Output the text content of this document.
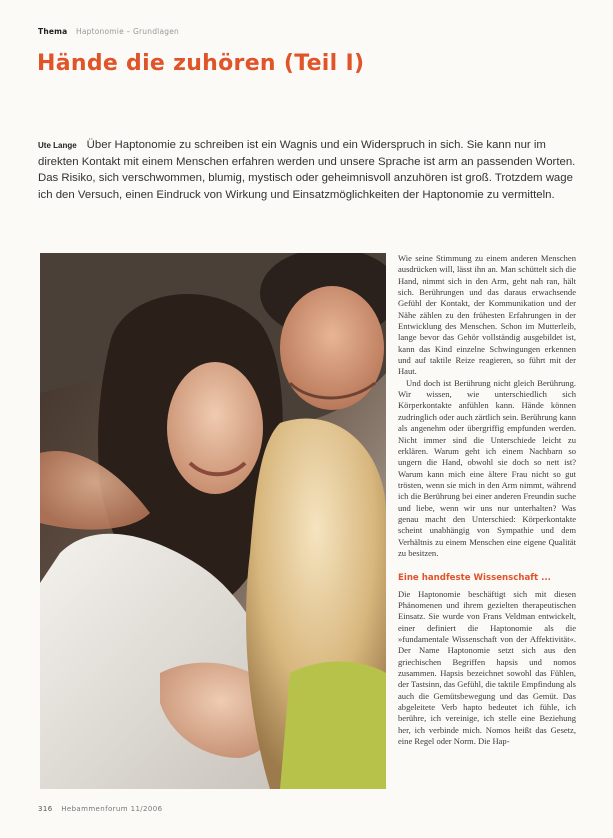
Thema Haptonomie – Grundlagen
Hände die zuhören (Teil I)

Ute Lange Über Haptonomie zu schreiben ist ein Wagnis und ein Widerspruch in sich. Sie kann nur im direkten Kontakt mit einem Menschen erfahren werden und unsere Sprache ist arm an passenden Worten. Das Risiko, sich verschwommen, blumig, mystisch oder geheimnisvoll anzuhören ist groß. Trotzdem wage ich den Versuch, einen Eindruck von Wirkung und Einsatzmöglichkeiten der Haptonomie zu vermitteln.

Wie seine Stimmung zu einem anderen Menschen ausdrücken will, lässt ihn an. Man schüttelt sich die Hand, nimmt sich in den Arm, geht nah ran, hält sich. Berührungen und das daraus erwachsende Gefühl der Kontakt, der Kommunikation und der Nähe zählen zu den frühesten Erfahrungen in der Entwicklung des Menschen. Schon im Mutterleib, lange bevor das Gehör vollständig ausgebildet ist, kann das Kind einzelne Schwingungen erkennen und auf taktile Reize reagieren, so führt mit der Haut.

Und doch ist Berührung nicht gleich Berührung. Wir wissen, wie unterschiedlich sich Körperkontakte anfühlen kann. Hände können zudringlich oder auch zärtlich sein. Berührung kann als angenehm oder übergriffig empfunden werden. Nicht immer sind die Unterschiede leicht zu erklären. Warum geht ich einem Nachbarn so ungern die Hand, obwohl sie doch so nett ist? Warum kann mich eine ältere Frau nicht so gut trösten, wenn sie mich in den Arm nimmt, während ich die Berührung bei einer anderen Freundin suche und liebe, wenn wir uns nur unterhalten? Was genau macht den Unterschied: Körperkontakte scheint unabhängig von Sympathie und dem Verhältnis zu einem Menschen eine eigene Qualität zu besitzen.

Eine handfeste Wissenschaft ...

Die Haptonomie beschäftigt sich mit diesen Phänomenen und ihrem gezielten therapeutischen Einsatz. Sie wurde von Frans Veldman entwickelt, einer definiert die Haptonomie als die »fundamentale Wissenschaft von der Affektivität«. Der Name Haptonomie setzt sich aus den griechischen Begriffen hapsis und nomos zusammen. Hapsis bezeichnet sowohl das Fühlen, der Tastsinn, das Gefühl, die taktile Empfindung als auch die Gemütsbewegung und das Gemüt. Das abgeleitete Verb hapto bedeutet ich fühle, ich berühre, ich vereinige, ich stelle eine Beziehung her, ich verbinde mich. Nomos heißt das Gesetz, eine Regel oder Norm. Die Hap-

316 Hebammenforum 11/2006
